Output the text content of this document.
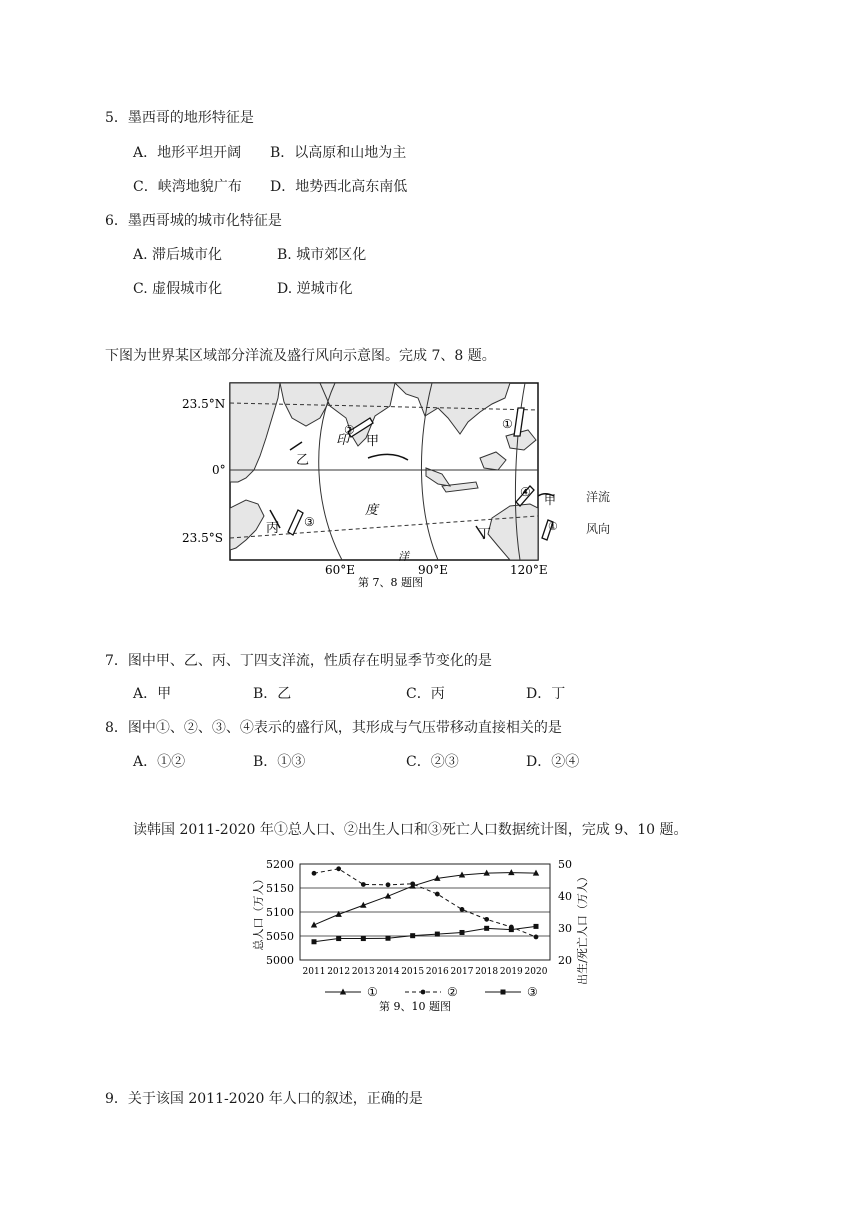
5．墨西哥的地形特征是
A．地形平坦开阔 B．以高原和山地为主
C．峡湾地貌广布 D．地势西北高东南低
6．墨西哥城的城市化特征是
A. 滞后城市化	B. 城市郊区化
C. 虚假城市化	D. 逆城市化
下图为世界某区域部分洋流及盛行风向示意图。完成 7、8 题。
23.5°N
0°
23.5°S
60°E	90°E	120°E
甲
乙
丙	丁
①
②
③
④
印
度
洋
甲
①
第 7、8 题图
洋流
风向
7．图中甲、乙、丙、丁四支洋流，性质存在明显季节变化的是
A．甲	B．乙	C．丙	D．丁
8．图中①、②、③、④表示的盛行风，其形成与气压带移动直接相关的是
A．①②	B．①③	C．②③	D．②④
读韩国 2011-2020 年①总人口、②出生人口和③死亡人口数据统计图，完成 9、10 题。
5000
5050
5100
5150
5200
20
30
40
50
2011 2012 2013 2014 2015 2016 2017 2018 2019 2020
总人口（万人）	出生/死亡人口（万人）
①	②	③
第 9、10 题图
9．关于该国 2011-2020 年人口的叙述，正确的是
